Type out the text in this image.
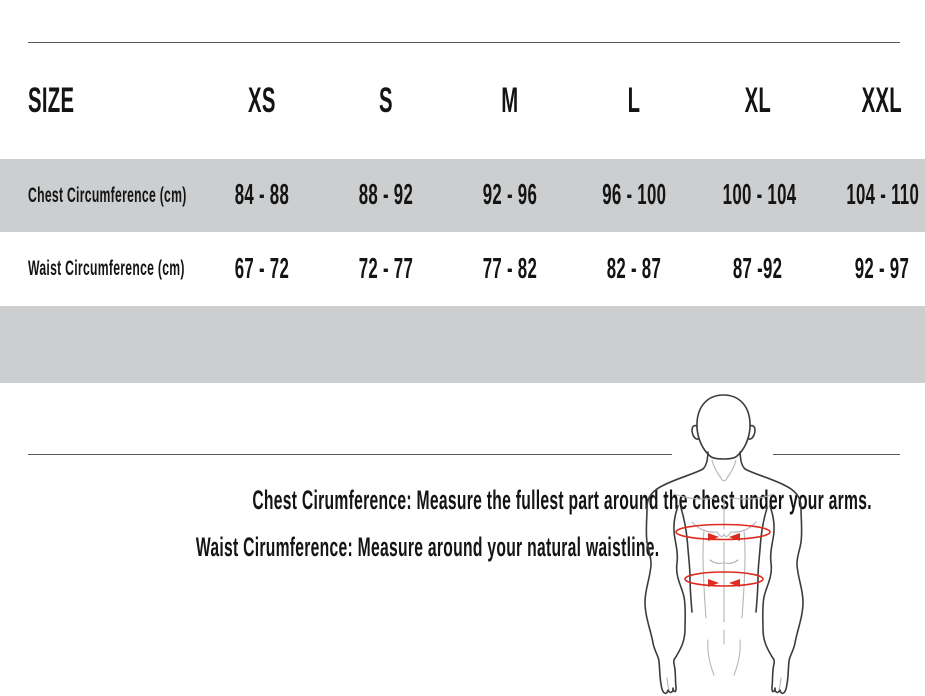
SIZE	XS	S	M	L	XL	XXL
Chest Circumference (cm)	84 - 88	88 - 92	92 - 96	96 - 100	100 - 104	104 - 110
Waist Circumference (cm)	67 - 72	72 - 77	77 - 82	82 - 87	87 -92	92 - 97
Chest Cirumference: Measure the fullest part around the chest under your arms.
Waist Cirumference: Measure around your natural waistline.
